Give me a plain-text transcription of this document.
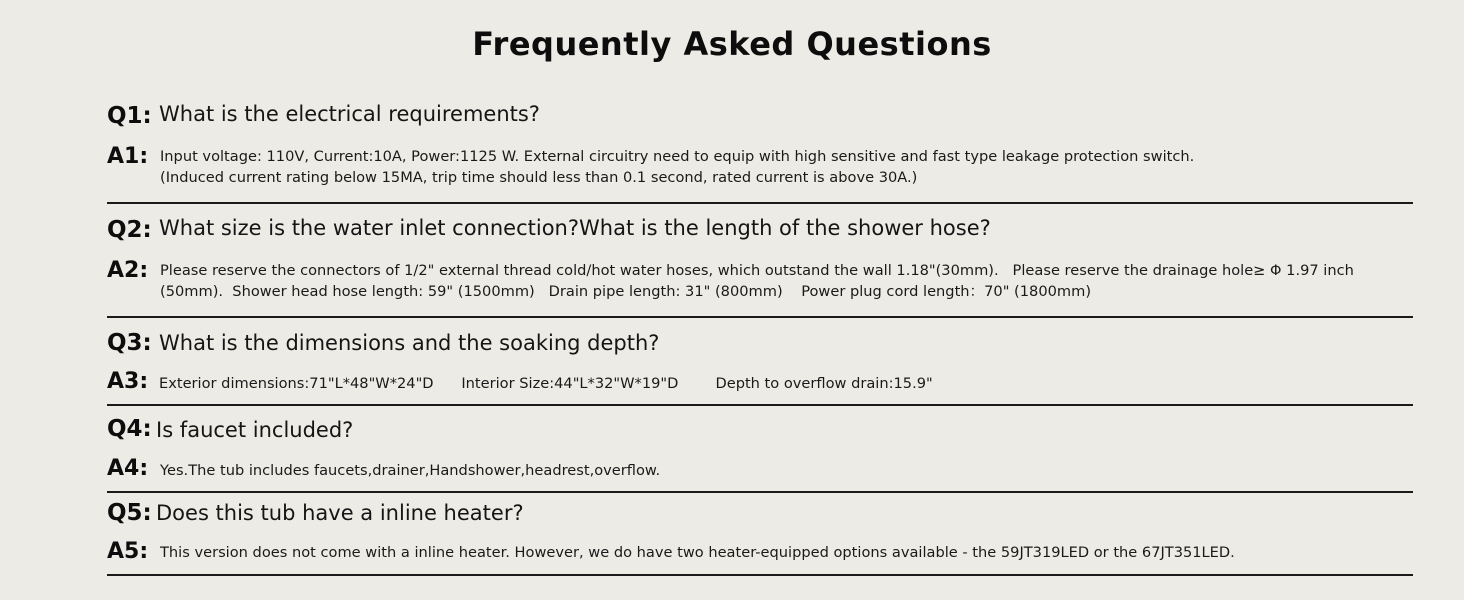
Frequently Asked Questions
Q1: What is the electrical requirements?
A1: Input voltage: 110V, Current:10A, Power:1125 W. External circuitry need to equip with high sensitive and fast type leakage protection switch.
(Induced current rating below 15MA, trip time should less than 0.1 second, rated current is above 30A.)
Q2: What size is the water inlet connection?What is the length of the shower hose?
A2: Please reserve the connectors of 1/2" external thread cold/hot water hoses, which outstand the wall 1.18"(30mm).   Please reserve the drainage hole≥ Φ 1.97 inch
(50mm).  Shower head hose length: 59" (1500mm)   Drain pipe length: 31" (800mm)    Power plug cord length：70" (1800mm)
Q3: What is the dimensions and the soaking depth?
A3: Exterior dimensions:71"L*48"W*24"D      Interior Size:44"L*32"W*19"D        Depth to overflow drain:15.9"
Q4: Is faucet included?
A4: Yes.The tub includes faucets,drainer,Handshower,headrest,overflow.
Q5: Does this tub have a inline heater?
A5: This version does not come with a inline heater. However, we do have two heater-equipped options available - the 59JT319LED or the 67JT351LED.
